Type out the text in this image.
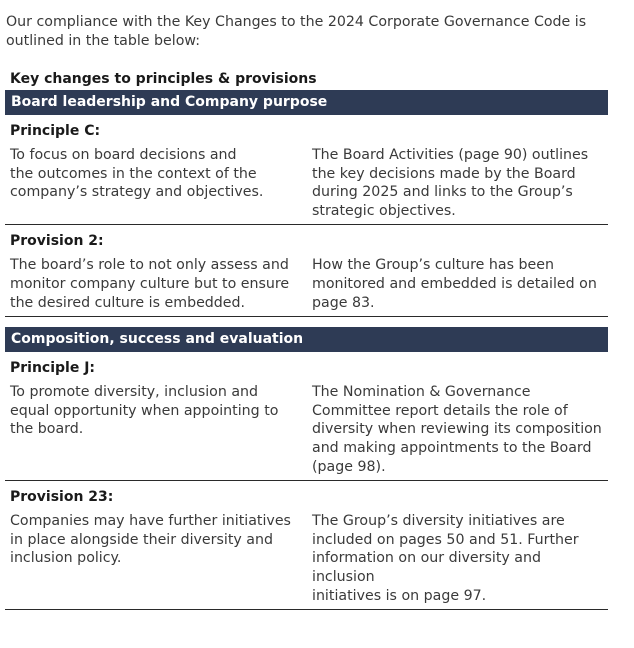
Our compliance with the Key Changes to the 2024 Corporate Governance Code is
outlined in the table below:

Key changes to principles & provisions
Board leadership and Company purpose
Principle C:
To focus on board decisions and
the outcomes in the context of the
company’s strategy and objectives.
The Board Activities (page 90) outlines
the key decisions made by the Board
during 2025 and links to the Group’s
strategic objectives.
Provision 2:
The board’s role to not only assess and
monitor company culture but to ensure
the desired culture is embedded.
How the Group’s culture has been
monitored and embedded is detailed on
page 83.
Composition, success and evaluation
Principle J:
To promote diversity, inclusion and
equal opportunity when appointing to
the board.
The Nomination & Governance
Committee report details the role of
diversity when reviewing its composition
and making appointments to the Board
(page 98).
Provision 23:
Companies may have further initiatives
in place alongside their diversity and
inclusion policy.
The Group’s diversity initiatives are
included on pages 50 and 51. Further
information on our diversity and inclusion
initiatives is on page 97.
